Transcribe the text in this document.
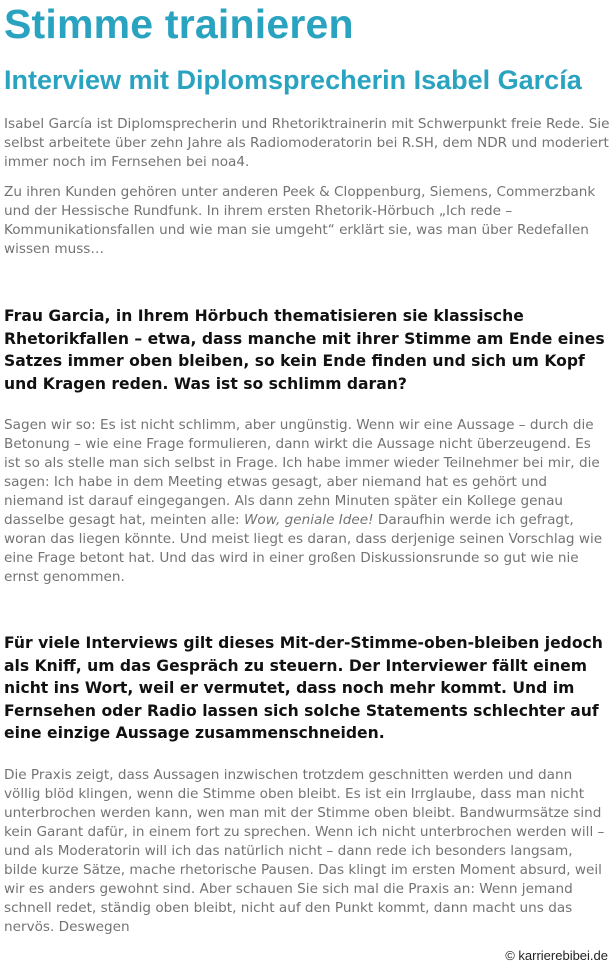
Stimme trainieren
Interview mit Diplomsprecherin Isabel García

Isabel García ist Diplomsprecherin und Rhetoriktrainerin mit Schwerpunkt freie Rede. Sie selbst arbeitete über zehn Jahre als Radiomoderatorin bei R.SH, dem NDR und moderiert immer noch im Fernsehen bei noa4.

Zu ihren Kunden gehören unter anderen Peek & Cloppenburg, Siemens, Commerzbank und der Hessische Rundfunk. In ihrem ersten Rhetorik-Hörbuch „Ich rede – Kommunikationsfallen und wie man sie umgeht“ erklärt sie, was man über Redefallen wissen muss…

Frau Garcia, in Ihrem Hörbuch thematisieren sie klassische Rhetorikfallen – etwa, dass manche mit ihrer Stimme am Ende eines Satzes immer oben bleiben, so kein Ende finden und sich um Kopf und Kragen reden. Was ist so schlimm daran?

Sagen wir so: Es ist nicht schlimm, aber ungünstig. Wenn wir eine Aussage – durch die Betonung – wie eine Frage formulieren, dann wirkt die Aussage nicht überzeugend. Es ist so als stelle man sich selbst in Frage. Ich habe immer wieder Teilnehmer bei mir, die sagen: Ich habe in dem Meeting etwas gesagt, aber niemand hat es gehört und niemand ist darauf eingegangen. Als dann zehn Minuten später ein Kollege genau dasselbe gesagt hat, meinten alle: Wow, geniale Idee! Daraufhin werde ich gefragt, woran das liegen könnte. Und meist liegt es daran, dass derjenige seinen Vorschlag wie eine Frage betont hat. Und das wird in einer großen Diskussionsrunde so gut wie nie ernst genommen.

Für viele Interviews gilt dieses Mit-der-Stimme-oben-bleiben jedoch als Kniff, um das Gespräch zu steuern. Der Interviewer fällt einem nicht ins Wort, weil er vermutet, dass noch mehr kommt. Und im Fernsehen oder Radio lassen sich solche Statements schlechter auf eine einzige Aussage zusammenschneiden.

Die Praxis zeigt, dass Aussagen inzwischen trotzdem geschnitten werden und dann völlig blöd klingen, wenn die Stimme oben bleibt. Es ist ein Irrglaube, dass man nicht unterbrochen werden kann, wen man mit der Stimme oben bleibt. Bandwurmsätze sind kein Garant dafür, in einem fort zu sprechen. Wenn ich nicht unterbrochen werden will – und als Moderatorin will ich das natürlich nicht – dann rede ich besonders langsam, bilde kurze Sätze, mache rhetorische Pausen. Das klingt im ersten Moment absurd, weil wir es anders gewohnt sind. Aber schauen Sie sich mal die Praxis an: Wenn jemand schnell redet, ständig oben bleibt, nicht auf den Punkt kommt, dann macht uns das nervös. Deswegen

© karrierebibei.de
